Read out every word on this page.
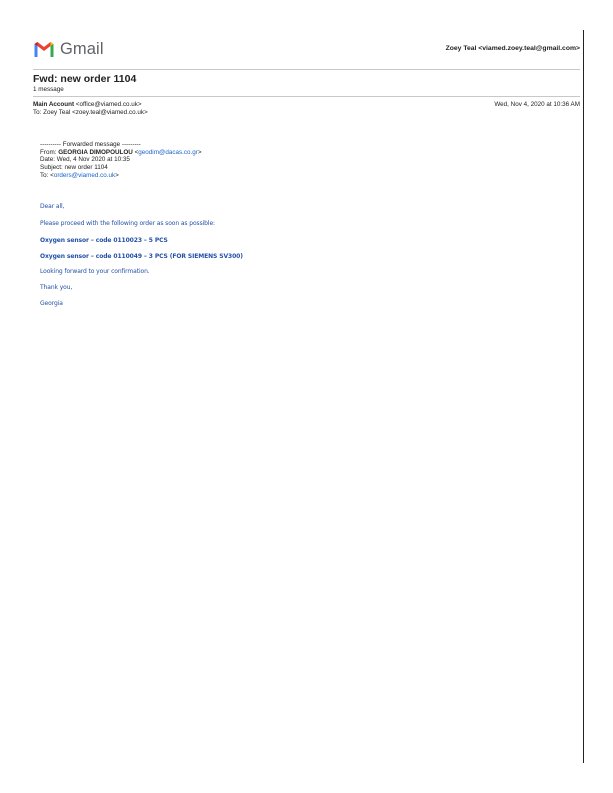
Gmail	Zoey Teal <viamed.zoey.teal@gmail.com>
Fwd: new order 1104
1 message
Main Account <office@viamed.co.uk>
To: Zoey Teal <zoey.teal@viamed.co.uk>
Wed, Nov 4, 2020 at 10:36 AM
---------- Forwarded message ---------
From: GEORGIA DIMOPOULOU <geodim@dacas.co.gr>
Date: Wed, 4 Nov 2020 at 10:35
Subject: new order 1104
To: <orders@viamed.co.uk>
Dear all,
Please proceed with the following order as soon as possible:
Oxygen sensor – code 0110023 – 5 PCS
Oxygen sensor – code 0110049 – 3 PCS (FOR SIEMENS SV300)
Looking forward to your confirmation.
Thank you,
Georgia
